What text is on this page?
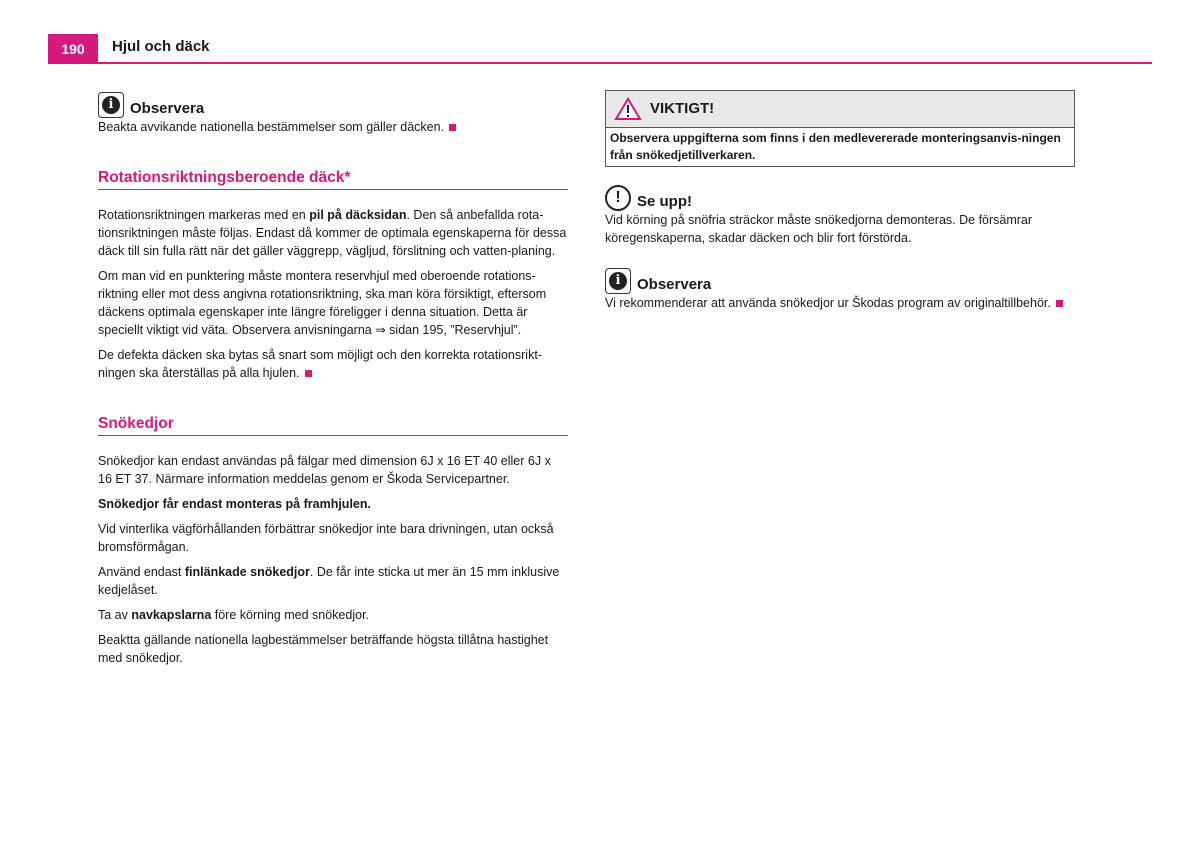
190	Hjul och däck
i	Observera

Beakta avvikande nationella bestämmelser som gäller däcken.

Rotationsriktningsberoende däck*

Rotationsriktningen markeras med en pil på däcksidan. Den så anbefallda rota-tionsriktningen måste följas. Endast då kommer de optimala egenskaperna för dessa däck till sin fulla rätt när det gäller väggrepp, vägljud, förslitning och vatten-planing.

Om man vid en punktering måste montera reservhjul med oberoende rotations-riktning eller mot dess angivna rotationsriktning, ska man köra försiktigt, eftersom däckens optimala egenskaper inte längre föreligger i denna situation. Detta är speciellt viktigt vid väta. Observera anvisningarna ⇒ sidan 195, ”Reservhjul”.

De defekta däcken ska bytas så snart som möjligt och den korrekta rotationsrikt-ningen ska återställas på alla hjulen.

Snökedjor

Snökedjor kan endast användas på fälgar med dimension 6J x 16 ET 40 eller 6J x 16 ET 37. Närmare information meddelas genom er Škoda Servicepartner.

Snökedjor får endast monteras på framhjulen.

Vid vinterlika vägförhållanden förbättrar snökedjor inte bara drivningen, utan också bromsförmågan.

Använd endast finlänkade snökedjor. De får inte sticka ut mer än 15 mm inklusive kedjelåset.

Ta av navkapslarna före körning med snökedjor.

Beaktta gällande nationella lagbestämmelser beträffande högsta tillåtna hastighet med snökedjor.

VIKTIGT!
Observera uppgifterna som finns i den medlevererade monteringsanvis-ningen från snökedjetillverkaren.
!	Se upp!

Vid körning på snöfria sträckor måste snökedjorna demonteras. De försämrar köregenskaperna, skadar däcken och blir fort förstörda.

i	Observera

Vi rekommenderar att använda snökedjor ur Škodas program av originaltillbehör.
